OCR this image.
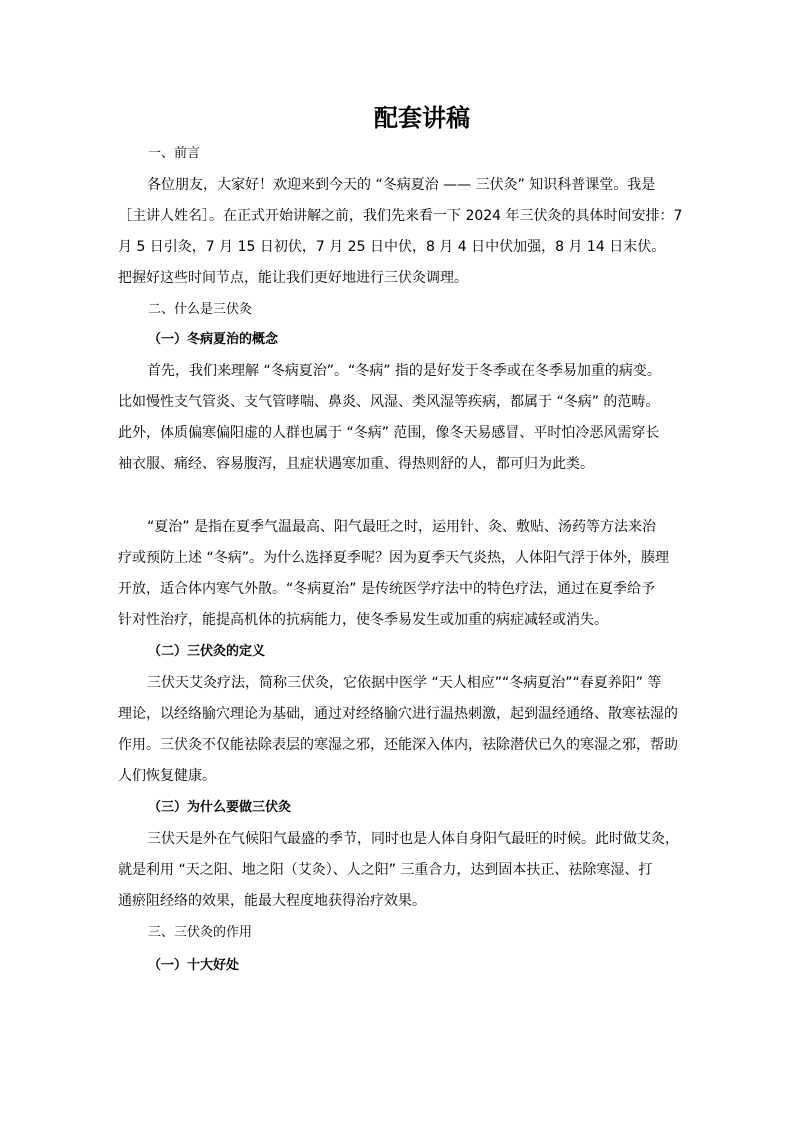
配套讲稿
一、前言
各位朋友，大家好！欢迎来到今天的 “冬病夏治 —— 三伏灸” 知识科普课堂。我是
［主讲人姓名］。在正式开始讲解之前，我们先来看一下 2024 年三伏灸的具体时间安排：7
月 5 日引灸，7 月 15 日初伏，7 月 25 日中伏，8 月 4 日中伏加强，8 月 14 日末伏。
把握好这些时间节点，能让我们更好地进行三伏灸调理。
二、什么是三伏灸
（一）冬病夏治的概念
首先，我们来理解 “冬病夏治”。“冬病” 指的是好发于冬季或在冬季易加重的病变。
比如慢性支气管炎、支气管哮喘、鼻炎、风湿、类风湿等疾病，都属于 “冬病” 的范畴。
此外，体质偏寒偏阳虚的人群也属于 “冬病” 范围，像冬天易感冒、平时怕冷恶风需穿长
袖衣服、痛经、容易腹泻，且症状遇寒加重、得热则舒的人，都可归为此类。
“夏治” 是指在夏季气温最高、阳气最旺之时，运用针、灸、敷贴、汤药等方法来治
疗或预防上述 “冬病”。为什么选择夏季呢？因为夏季天气炎热，人体阳气浮于体外，腠理
开放，适合体内寒气外散。“冬病夏治” 是传统医学疗法中的特色疗法，通过在夏季给予
针对性治疗，能提高机体的抗病能力，使冬季易发生或加重的病症减轻或消失。
（二）三伏灸的定义
三伏天艾灸疗法，简称三伏灸，它依据中医学 “天人相应”“冬病夏治”“春夏养阳” 等
理论，以经络腧穴理论为基础，通过对经络腧穴进行温热刺激，起到温经通络、散寒祛湿的
作用。三伏灸不仅能祛除表层的寒湿之邪，还能深入体内，祛除潜伏已久的寒湿之邪，帮助
人们恢复健康。
（三）为什么要做三伏灸
三伏天是外在气候阳气最盛的季节，同时也是人体自身阳气最旺的时候。此时做艾灸，
就是利用 “天之阳、地之阳（艾灸）、人之阳” 三重合力，达到固本扶正、祛除寒湿、打
通瘀阻经络的效果，能最大程度地获得治疗效果。
三、三伏灸的作用
（一）十大好处
